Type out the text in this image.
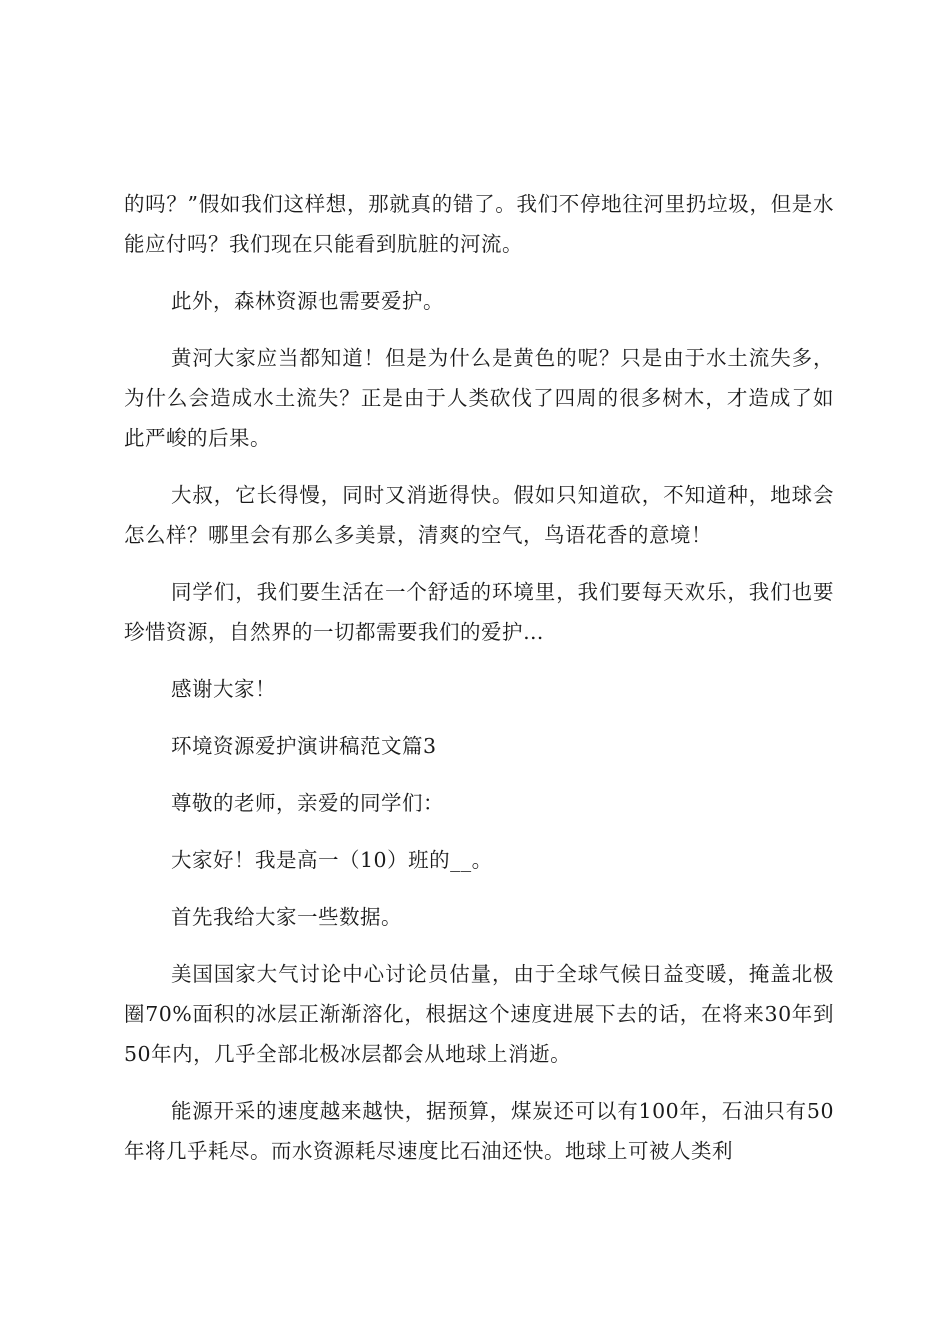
的吗？”假如我们这样想，那就真的错了。我们不停地往河里扔垃圾，但是水能应付吗？我们现在只能看到肮脏的河流。

此外，森林资源也需要爱护。

黄河大家应当都知道！但是为什么是黄色的呢？只是由于水土流失多，为什么会造成水土流失？正是由于人类砍伐了四周的很多树木，才造成了如此严峻的后果。

大叔，它长得慢，同时又消逝得快。假如只知道砍，不知道种，地球会怎么样？哪里会有那么多美景，清爽的空气，鸟语花香的意境！

同学们，我们要生活在一个舒适的环境里，我们要每天欢乐，我们也要珍惜资源，自然界的一切都需要我们的爱护…

感谢大家！

环境资源爱护演讲稿范文篇3

尊敬的老师，亲爱的同学们：

大家好！我是高一（10）班的__。

首先我给大家一些数据。

美国国家大气讨论中心讨论员估量，由于全球气候日益变暖，掩盖北极圈70%面积的冰层正渐渐溶化，根据这个速度进展下去的话，在将来30年到50年内，几乎全部北极冰层都会从地球上消逝。

能源开采的速度越来越快，据预算，煤炭还可以有100年，石油只有50年将几乎耗尽。而水资源耗尽速度比石油还快。地球上可被人类利
